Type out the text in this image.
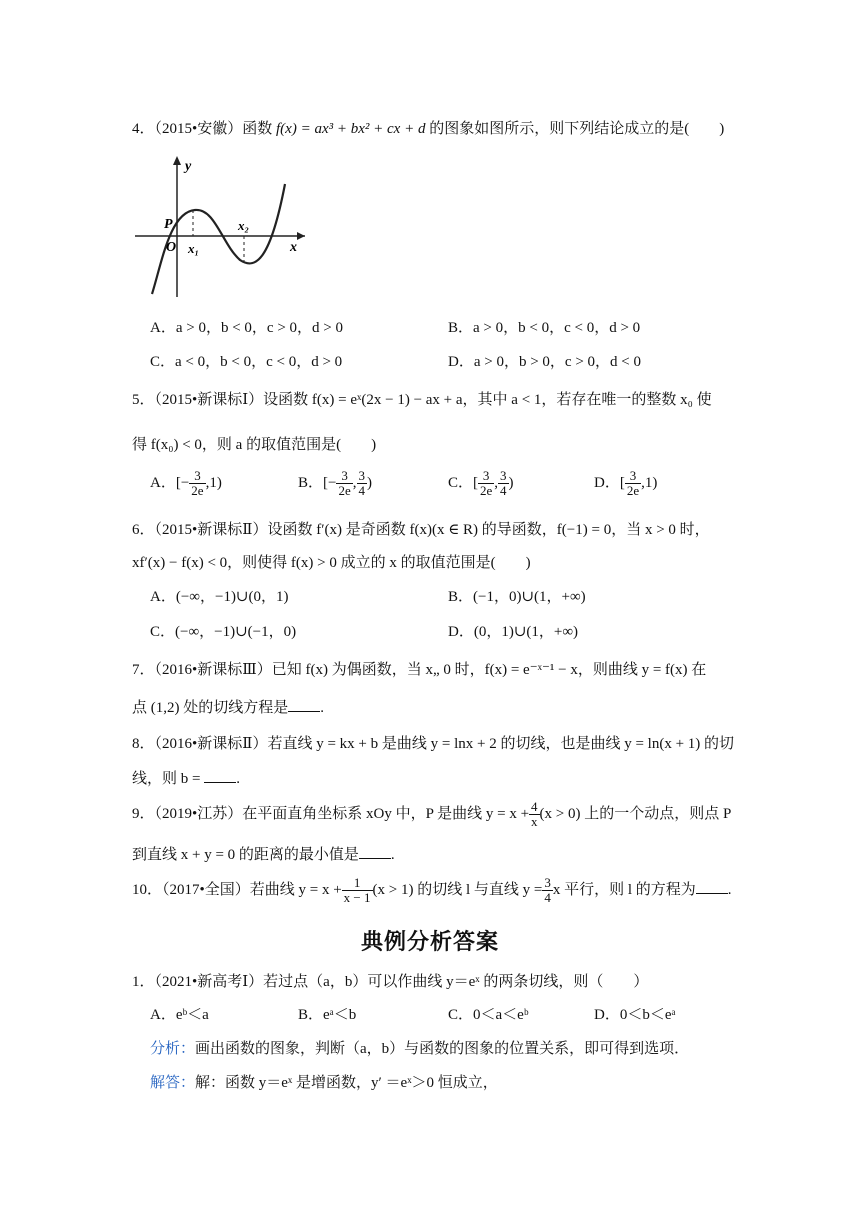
4．（2015•安徽）函数 f(x) = ax³ + bx² + cx + d 的图象如图所示，则下列结论成立的是(　　)
y
x
P
O x₁
x₂
A．a > 0，b < 0，c > 0，d > 0	B．a > 0，b < 0，c < 0，d > 0
C．a < 0，b < 0，c < 0，d > 0	D．a > 0，b > 0，c > 0，d < 0
5．（2015•新课标Ⅰ）设函数 f(x) = eˣ(2x − 1) − ax + a，其中 a < 1，若存在唯一的整数 x₀ 使
得 f(x₀) < 0，则 a 的取值范围是(　　)
A．[− $\frac{3}{2e} ,1$)	B．[− $\frac{3}{2e}$ , $\frac{3}{4}$ )	C．[ $\frac{3}{2e}$ , $\frac{3}{4}$ )	D．[ $\frac{3}{2e} ,1$)
6．（2015•新课标Ⅱ）设函数 f′(x) 是奇函数 f(x)(x ∈ R) 的导函数，f(−1) = 0，当 x > 0 时，
xf′(x) − f(x) < 0，则使得 f(x) > 0 成立的 x 的取值范围是(　　)
A．(−∞，−1)∪(0，1)	B．(−1，0)∪(1，+∞)
C．(−∞，−1)∪(−1，0)	D．(0，1)∪(1，+∞)
7．（2016•新课标Ⅲ）已知 f(x) 为偶函数，当 x„ 0 时，f(x) = e⁻ˣ⁻¹ − x，则曲线 y = f(x) 在
点 (1,2) 处的切线方程是 .
8．（2016•新课标Ⅱ）若直线 y = kx + b 是曲线 y = lnx + 2 的切线，也是曲线 y = ln(x + 1) 的切
线，则 b = .
9．（2019•江苏）在平面直角坐标系 xOy 中，P 是曲线 $y = x + \frac{4}{x} (x > 0)$ 上的一个动点，则点 P
到直线 x + y = 0 的距离的最小值是 .
10．（2017•全国）若曲线 $y = x + \frac{1}{x - 1} (x > 1)$ 的切线 l 与直线 $y = \frac{3}{4}$ x 平行，则 l 的方程为 .
典例分析答案
1．（2021•新高考Ⅰ）若过点（a，b）可以作曲线 y＝eˣ 的两条切线，则（　　）
A．eᵇ＜a	B．eᵃ＜b	C．0＜a＜eᵇ	D．0＜b＜eᵃ
分析：画出函数的图象，判断（a，b）与函数的图象的位置关系，即可得到选项．
解答：解：函数 y＝eˣ 是增函数，y′ ＝eˣ＞0 恒成立，
